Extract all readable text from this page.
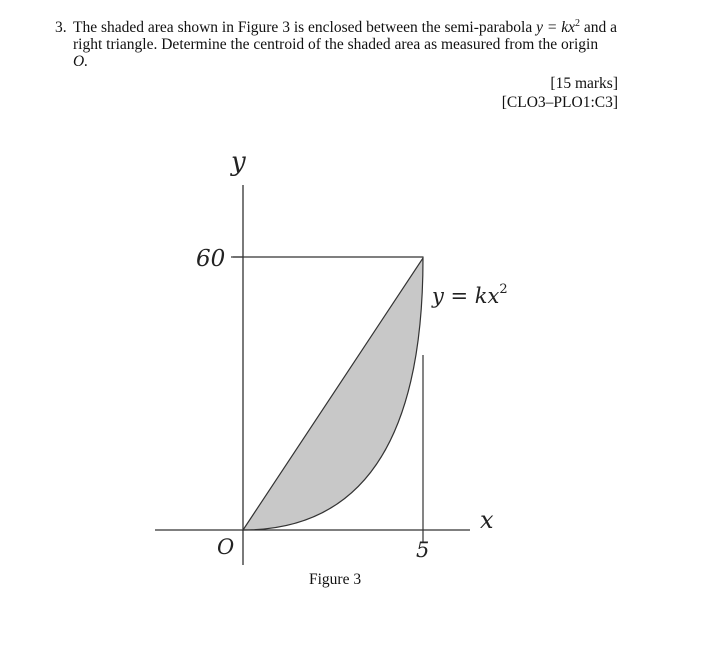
3. The shaded area shown in Figure 3 is enclosed between the semi-parabola $y = kx^2$ and a
right triangle. Determine the centroid of the shaded area as measured from the origin
O.
[15 marks]
[CLO3–PLO1:C3]
y
x
60
5
O
$y = kx^2$
Figure 3
